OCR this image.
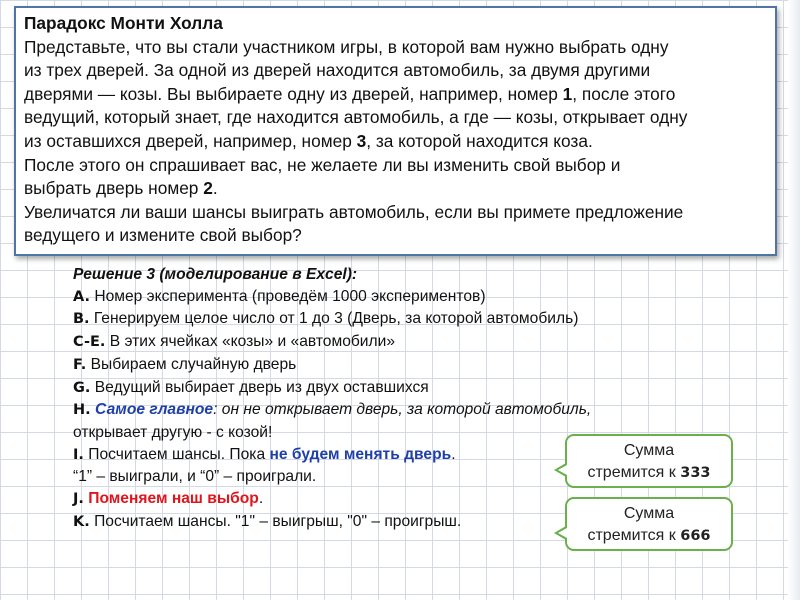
Парадокс Монти Холла

Представьте, что вы стали участником игры, в которой вам нужно выбрать одну

из трех дверей. За одной из дверей находится автомобиль, за двумя другими

дверями — козы. Вы выбираете одну из дверей, например, номер 1, после этого

ведущий, который знает, где находится автомобиль, а где — козы, открывает одну

из оставшихся дверей, например, номер 3, за которой находится коза.

После этого он спрашивает вас, не желаете ли вы изменить свой выбор и

выбрать дверь номер 2.

Увеличатся ли ваши шансы выиграть автомобиль, если вы примете предложение

ведущего и измените свой выбор?

Решение 3 (моделирование в Excel):

A. Номер эксперимента (проведём 1000 экспериментов)

B. Генерируем целое число от 1 до 3 (Дверь, за которой автомобиль)

C-E. В этих ячейках «козы» и «автомобили»

F. Выбираем случайную дверь

G. Ведущий выбирает дверь из двух оставшихся

H. Самое главное: он не открывает дверь, за которой автомобиль,

открывает другую - с козой!

I. Посчитаем шансы. Пока не будем менять дверь.

“1” – выиграли, и “0” – проиграли.

J. Поменяем наш выбор.

K. Посчитаем шансы. "1" – выигрыш, "0" – проигрыш.

Сумма
стремится к 333
Сумма
стремится к 666
